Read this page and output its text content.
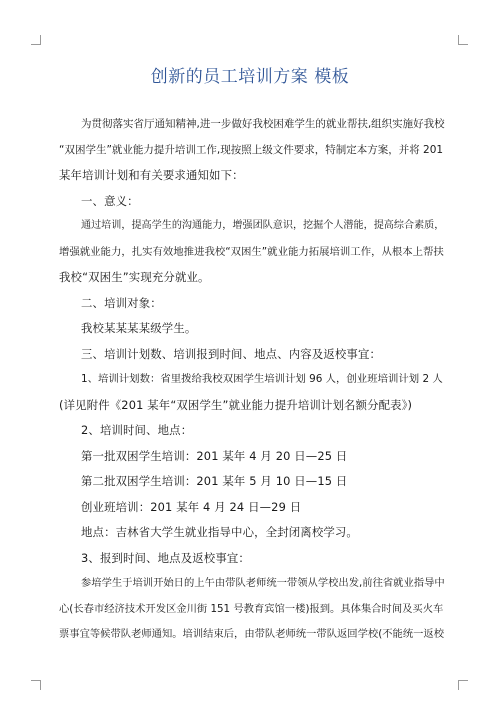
创新的员工培训方案 模板
为贯彻落实省厅通知精神,进一步做好我校困难学生的就业帮扶,组织实施好我校
“双困学生”就业能力提升培训工作,现按照上级文件要求，特制定本方案，并将 201
某年培训计划和有关要求通知如下：
一、意义：
通过培训，提高学生的沟通能力，增强团队意识，挖掘个人潜能，提高综合素质，
增强就业能力，扎实有效地推进我校“双困生”就业能力拓展培训工作，从根本上帮扶
我校“双困生”实现充分就业。
二、培训对象：
我校某某某某级学生。
三、培训计划数、培训报到时间、地点、内容及返校事宜：
1、培训计划数：省里拨给我校双困学生培训计划 96 人，创业班培训计划 2 人
(详见附件《201 某年“双困学生”就业能力提升培训计划名额分配表》)
2、培训时间、地点：
第一批双困学生培训：201 某年 4 月 20 日—25 日
第二批双困学生培训：201 某年 5 月 10 日—15 日
创业班培训：201 某年 4 月 24 日—29 日
地点：吉林省大学生就业指导中心，全封闭离校学习。
3、报到时间、地点及返校事宜：
参培学生于培训开始日的上午由带队老师统一带领从学校出发,前往省就业指导中
心(长春市经济技术开发区金川街 151 号教育宾馆一楼)报到。具体集合时间及买火车
票事宜等候带队老师通知。培训结束后，由带队老师统一带队返回学校(不能统一返校
